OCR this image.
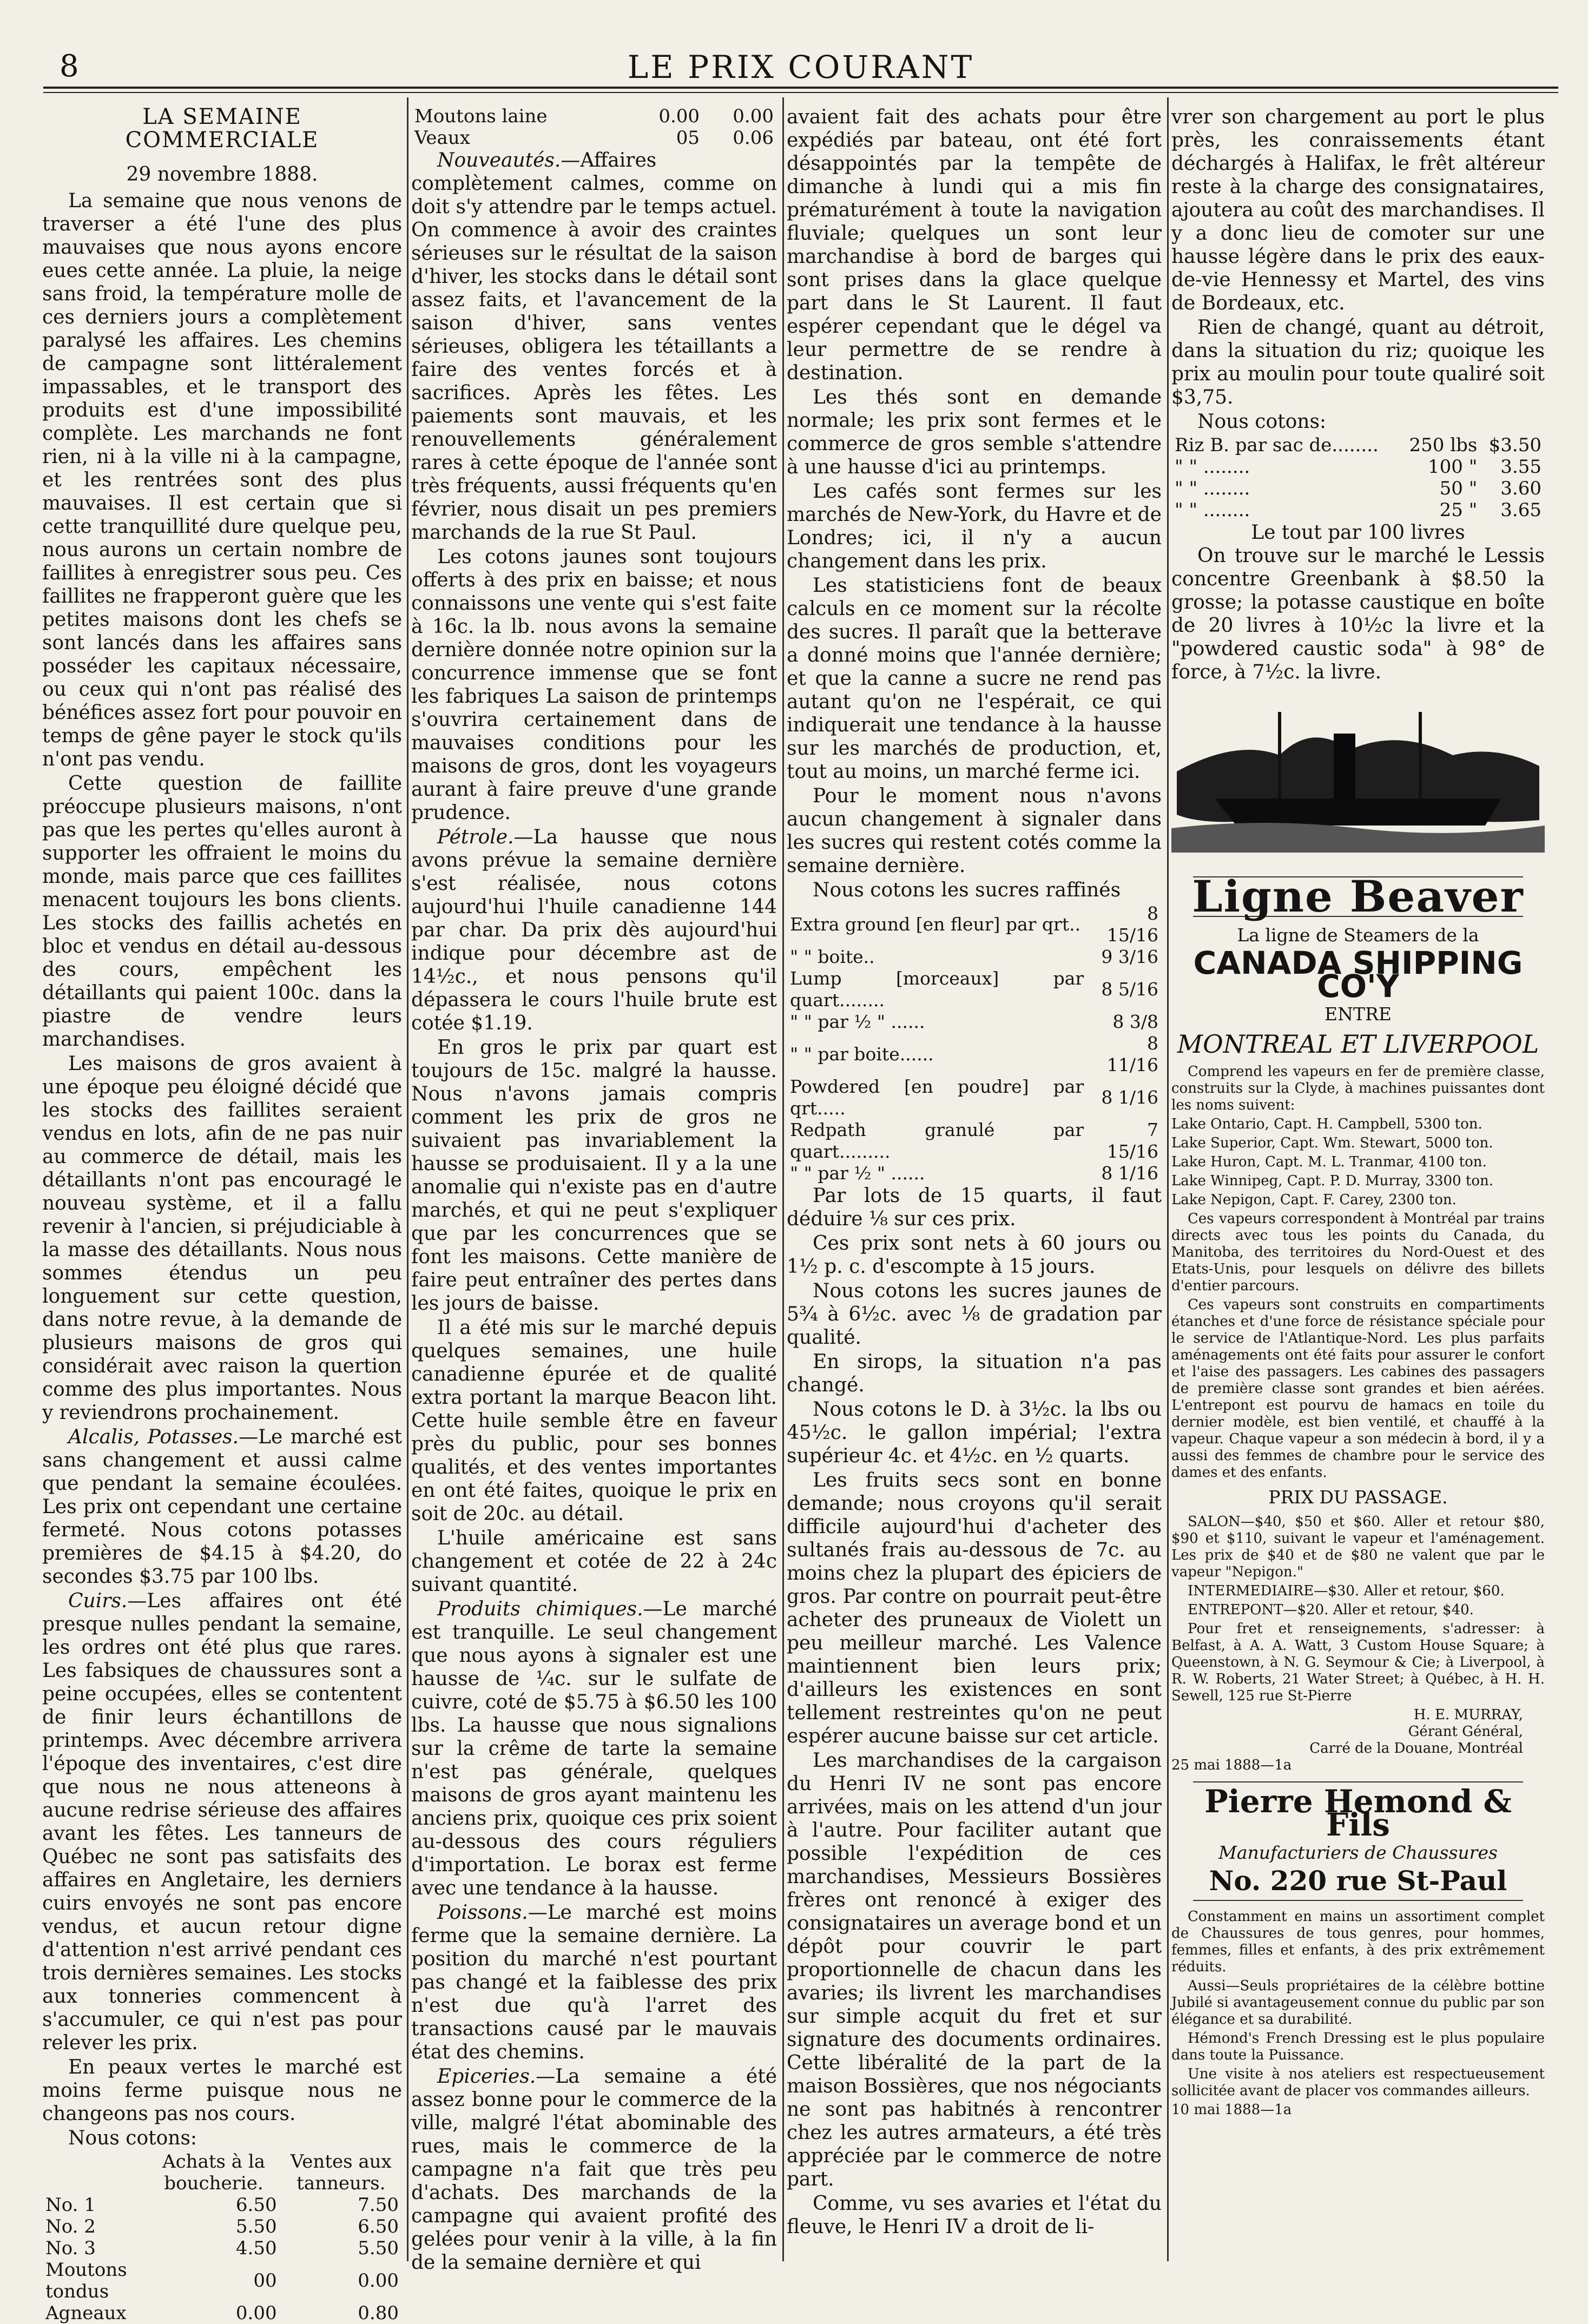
8	LE PRIX COURANT
LA SEMAINE COMMERCIALE
29 novembre 1888.

La semaine que nous venons de traverser a été l'une des plus mauvaises que nous ayons encore eues cette année. La pluie, la neige sans froid, la température molle de ces derniers jours a complètement paralysé les affaires. Les chemins de campagne sont littéralement impassables, et le transport des produits est d'une impossibilité complète. Les marchands ne font rien, ni à la ville ni à la campagne, et les rentrées sont des plus mauvaises. Il est certain que si cette tranquillité dure quelque peu, nous aurons un certain nombre de faillites à enregistrer sous peu. Ces faillites ne frapperont guère que les petites maisons dont les chefs se sont lancés dans les affaires sans posséder les capitaux nécessaire, ou ceux qui n'ont pas réalisé des bénéfices assez fort pour pouvoir en temps de gêne payer le stock qu'ils n'ont pas vendu.

Cette question de faillite préoccupe plusieurs maisons, n'ont pas que les pertes qu'elles auront à supporter les offraient le moins du monde, mais parce que ces faillites menacent toujours les bons clients. Les stocks des faillis achetés en bloc et vendus en détail au-dessous des cours, empêchent les détaillants qui paient 100c. dans la piastre de vendre leurs marchandises.

Les maisons de gros avaient à une époque peu éloigné décidé que les stocks des faillites seraient vendus en lots, afin de ne pas nuir au commerce de détail, mais les détaillants n'ont pas encouragé le nouveau système, et il a fallu revenir à l'ancien, si préjudiciable à la masse des détaillants. Nous nous sommes étendus un peu longuement sur cette question, dans notre revue, à la demande de plusieurs maisons de gros qui considérait avec raison la quertion comme des plus importantes. Nous y reviendrons prochainement.

Alcalis, Potasses.—Le marché est sans changement et aussi calme que pendant la semaine écoulées. Les prix ont cependant une certaine fermeté. Nous cotons potasses premières de $4.15 à $4.20, do secondes $3.75 par 100 lbs.

Cuirs.—Les affaires ont été presque nulles pendant la semaine, les ordres ont été plus que rares. Les fabsiques de chaussures sont a peine occupées, elles se contentent de finir leurs échantillons de printemps. Avec décembre arrivera l'époque des inventaires, c'est dire que nous ne nous atteneons à aucune redrise sérieuse des affaires avant les fêtes. Les tanneurs de Québec ne sont pas satisfaits des affaires en Angletaire, les derniers cuirs envoyés ne sont pas encore vendus, et aucun retour digne d'attention n'est arrivé pendant ces trois dernières semaines. Les stocks aux tonneries commencent à s'accumuler, ce qui n'est pas pour relever les prix.

En peaux vertes le marché est moins ferme puisque nous ne changeons pas nos cours.

Nous cotons:

	Achats à la boucherie.	Ventes aux tanneurs.
No. 1	6.50	7.50
No. 2	5.50	6.50
No. 3	4.50	5.50
Moutons tondus	00	0.00
Agneaux	0.00	0.80
Moutons laine	0.00	0.00
Veaux	05	0.06

Nouveautés.—Affaires complètement calmes, comme on doit s'y attendre par le temps actuel. On commence à avoir des craintes sérieuses sur le résultat de la saison d'hiver, les stocks dans le détail sont assez faits, et l'avancement de la saison d'hiver, sans ventes sérieuses, obligera les tétaillants a faire des ventes forcés et à sacrifices. Après les fêtes. Les paiements sont mauvais, et les renouvellements généralement rares à cette époque de l'année sont très fréquents, aussi fréquents qu'en février, nous disait un pes premiers marchands de la rue St Paul.

Les cotons jaunes sont toujours offerts à des prix en baisse; et nous connaissons une vente qui s'est faite à 16c. la lb. nous avons la semaine dernière donnée notre opinion sur la concurrence immense que se font les fabriques La saison de printemps s'ouvrira certainement dans de mauvaises conditions pour les maisons de gros, dont les voyageurs aurant à faire preuve d'une grande prudence.

Pétrole.—La hausse que nous avons prévue la semaine dernière s'est réalisée, nous cotons aujourd'hui l'huile canadienne 144 par char. Da prix dès aujourd'hui indique pour décembre ast de 14½c., et nous pensons qu'il dépassera le cours l'huile brute est cotée $1.19.

En gros le prix par quart est toujours de 15c. malgré la hausse. Nous n'avons jamais compris comment les prix de gros ne suivaient pas invariablement la hausse se produisaient. Il y a la une anomalie qui n'existe pas en d'autre marchés, et qui ne peut s'expliquer que par les concurrences que se font les maisons. Cette manière de faire peut entraîner des pertes dans les jours de baisse.

Il a été mis sur le marché depuis quelques semaines, une huile canadienne épurée et de qualité extra portant la marque Beacon liht. Cette huile semble être en faveur près du public, pour ses bonnes qualités, et des ventes importantes en ont été faites, quoique le prix en soit de 20c. au détail.

L'huile américaine est sans changement et cotée de 22 à 24c suivant quantité.

Produits chimiques.—Le marché est tranquille. Le seul changement que nous ayons à signaler est une hausse de ¼c. sur le sulfate de cuivre, coté de $5.75 à $6.50 les 100 lbs. La hausse que nous signalions sur la crême de tarte la semaine n'est pas générale, quelques maisons de gros ayant maintenu les anciens prix, quoique ces prix soient au-dessous des cours réguliers d'importation. Le borax est ferme avec une tendance à la hausse.

Poissons.—Le marché est moins ferme que la semaine dernière. La position du marché n'est pourtant pas changé et la faiblesse des prix n'est due qu'à l'arret des transactions causé par le mauvais état des chemins.

Epiceries.—La semaine a été assez bonne pour le commerce de la ville, malgré l'état abominable des rues, mais le commerce de la campagne n'a fait que très peu d'achats. Des marchands de la campagne qui avaient profité des gelées pour venir à la ville, à la fin de la semaine dernière et qui

avaient fait des achats pour être expédiés par bateau, ont été fort désappointés par la tempête de dimanche à lundi qui a mis fin prématurément à toute la navigation fluviale; quelques un sont leur marchandise à bord de barges qui sont prises dans la glace quelque part dans le St Laurent. Il faut espérer cependant que le dégel va leur permettre de se rendre à destination.

Les thés sont en demande normale; les prix sont fermes et le commerce de gros semble s'attendre à une hausse d'ici au printemps.

Les cafés sont fermes sur les marchés de New-York, du Havre et de Londres; ici, il n'y a aucun changement dans les prix.

Les statisticiens font de beaux calculs en ce moment sur la récolte des sucres. Il paraît que la betterave a donné moins que l'année dernière; et que la canne a sucre ne rend pas autant qu'on ne l'espérait, ce qui indiquerait une tendance à la hausse sur les marchés de production, et, tout au moins, un marché ferme ici.

Pour le moment nous n'avons aucun changement à signaler dans les sucres qui restent cotés comme la semaine dernière.

Nous cotons les sucres raffinés

Extra ground [en fleur] par qrt..	8 15/16
" " boite..	9 3/16
Lump [morceaux] par quart........	8 5/16
" " par ½ " ......	8 3/8
" " par boite......	8 11/16
Powdered [en poudre] par qrt.....	8 1/16
Redpath granulé par quart.........	7 15/16
" " par ½ " ......	8 1/16

Par lots de 15 quarts, il faut déduire ⅛ sur ces prix.

Ces prix sont nets à 60 jours ou 1½ p. c. d'escompte à 15 jours.

Nous cotons les sucres jaunes de 5¾ à 6½c. avec ⅛ de gradation par qualité.

En sirops, la situation n'a pas changé.

Nous cotons le D. à 3½c. la lbs ou 45½c. le gallon impérial; l'extra supérieur 4c. et 4½c. en ½ quarts.

Les fruits secs sont en bonne demande; nous croyons qu'il serait difficile aujourd'hui d'acheter des sultanés frais au-dessous de 7c. au moins chez la plupart des épiciers de gros. Par contre on pourrait peut-être acheter des pruneaux de Violett un peu meilleur marché. Les Valence maintiennent bien leurs prix; d'ailleurs les existences en sont tellement restreintes qu'on ne peut espérer aucune baisse sur cet article.

Les marchandises de la cargaison du Henri IV ne sont pas encore arrivées, mais on les attend d'un jour à l'autre. Pour faciliter autant que possible l'expédition de ces marchandises, Messieurs Bossières frères ont renoncé à exiger des consignataires un average bond et un dépôt pour couvrir le part proportionnelle de chacun dans les avaries; ils livrent les marchandises sur simple acquit du fret et sur signature des documents ordinaires. Cette libéralité de la part de la maison Bossières, que nos négociants ne sont pas habitnés à rencontrer chez les autres armateurs, a été très appréciée par le commerce de notre part.

Comme, vu ses avaries et l'état du fleuve, le Henri IV a droit de li-

vrer son chargement au port le plus près, les conraissements étant déchargés à Halifax, le frêt altéreur reste à la charge des consignataires, ajoutera au coût des marchandises. Il y a donc lieu de comoter sur une hausse légère dans le prix des eaux-de-vie Hennessy et Martel, des vins de Bordeaux, etc.

Rien de changé, quant au détroit, dans la situation du riz; quoique les prix au moulin pour toute qualiré soit $3,75.

Nous cotons:

Riz B. par sac de........	250 lbs	$3.50
" " ........	100 "	3.55
" " ........	50 "	3.60
" " ........	25 "	3.65
Le tout par 100 livres

On trouve sur le marché le Lessis concentre Greenbank à $8.50 la grosse; la potasse caustique en boîte de 20 livres à 10½c la livre et la "powdered caustic soda" à 98° de force, à 7½c. la livre.

Ligne Beaver
La ligne de Steamers de la
CANADA SHIPPING CO'Y
ENTRE
MONTREAL ET LIVERPOOL

Comprend les vapeurs en fer de première classe, construits sur la Clyde, à machines puissantes dont les noms suivent:

Lake Ontario, Capt. H. Campbell, 5300 ton.

Lake Superior, Capt. Wm. Stewart, 5000 ton.

Lake Huron, Capt. M. L. Tranmar, 4100 ton.

Lake Winnipeg, Capt. P. D. Murray, 3300 ton.

Lake Nepigon, Capt. F. Carey, 2300 ton.

Ces vapeurs correspondent à Montréal par trains directs avec tous les points du Canada, du Manitoba, des territoires du Nord-Ouest et des Etats-Unis, pour lesquels on délivre des billets d'entier parcours.

Ces vapeurs sont construits en compartiments étanches et d'une force de résistance spéciale pour le service de l'Atlantique-Nord. Les plus parfaits aménagements ont été faits pour assurer le confort et l'aise des passagers. Les cabines des passagers de première classe sont grandes et bien aérées. L'entrepont est pourvu de hamacs en toile du dernier modèle, est bien ventilé, et chauffé à la vapeur. Chaque vapeur a son médecin à bord, il y a aussi des femmes de chambre pour le service des dames et des enfants.

PRIX DU PASSAGE.

SALON—$40, $50 et $60. Aller et retour $80, $90 et $110, suivant le vapeur et l'aménagement. Les prix de $40 et de $80 ne valent que par le vapeur "Nepigon."

INTERMEDIAIRE—$30. Aller et retour, $60.

ENTREPONT—$20. Aller et retour, $40.

Pour fret et renseignements, s'adresser: à Belfast, à A. A. Watt, 3 Custom House Square; à Queenstown, à N. G. Seymour & Cie; à Liverpool, à R. W. Roberts, 21 Water Street; à Québec, à H. H. Sewell, 125 rue St-Pierre

H. E. MURRAY,
Gérant Général,
Carré de la Douane, Montréal
25 mai 1888—1a
Pierre Hemond & Fils
Manufacturiers de Chaussures
No. 220 rue St-Paul

Constamment en mains un assortiment complet de Chaussures de tous genres, pour hommes, femmes, filles et enfants, à des prix extrêmement réduits.

Aussi—Seuls propriétaires de la célèbre bottine Jubilé si avantageusement connue du public par son élégance et sa durabilité.

Hémond's French Dressing est le plus populaire dans toute la Puissance.

Une visite à nos ateliers est respectueusement sollicitée avant de placer vos commandes ailleurs.

10 mai 1888—1a
